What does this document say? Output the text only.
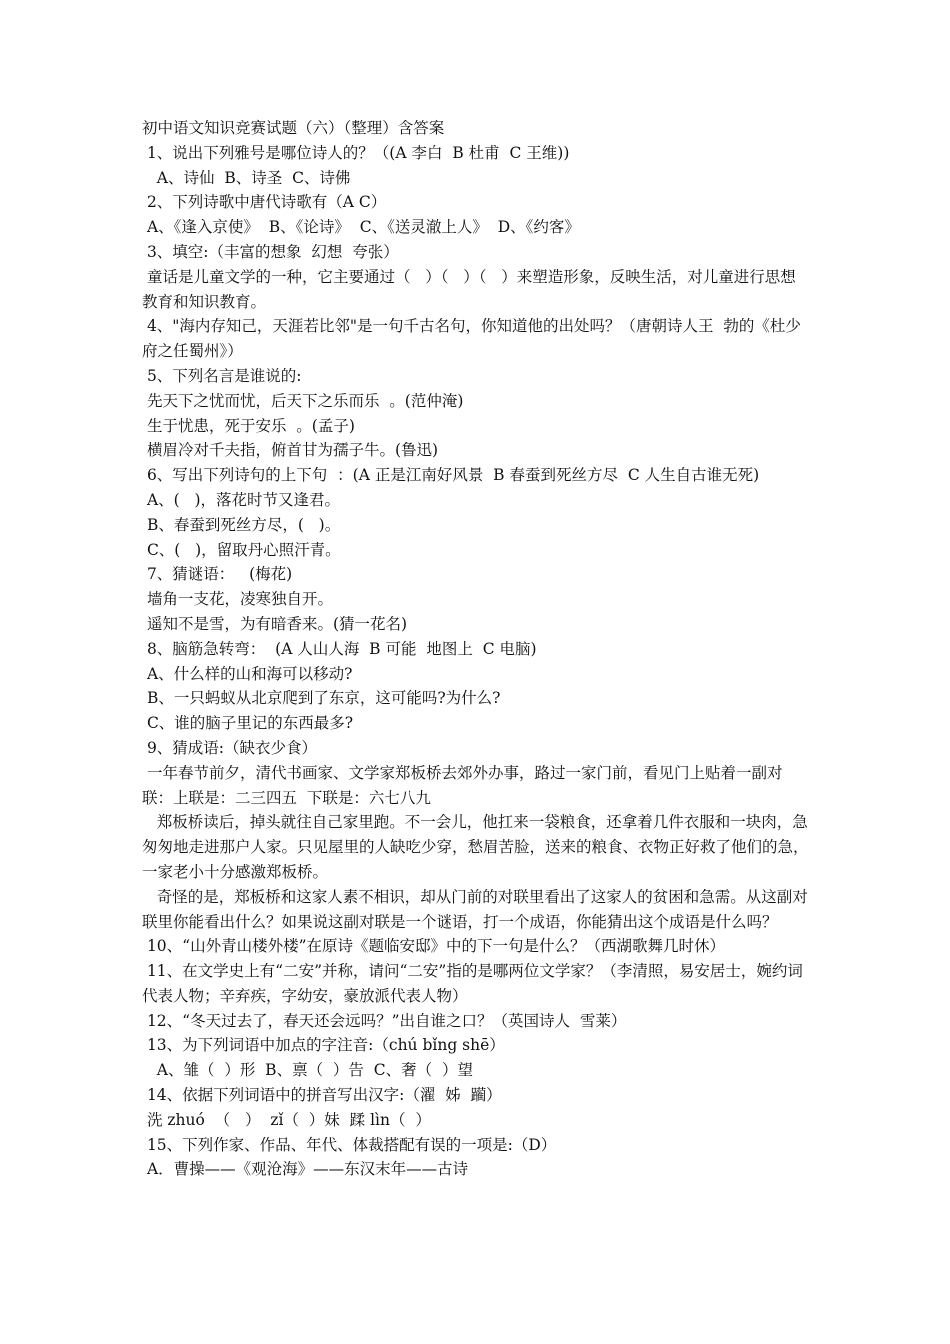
初中语文知识竞赛试题（六）（整理）含答案

1、说出下列雅号是哪位诗人的？（(A 李白  B 杜甫  C 王维))

A、诗仙  B、诗圣  C、诗佛

2、下列诗歌中唐代诗歌有（A C）

A、《逢入京使》  B、《论诗》  C、《送灵澈上人》  D、《约客》

3、填空:（丰富的想象  幻想  夸张）

童话是儿童文学的一种，它主要通过（   ）（   ）（   ）来塑造形象，反映生活，对儿童进行思想教育和知识教育。

4、"海内存知己，天涯若比邻"是一句千古名句，你知道他的出处吗？（唐朝诗人王  勃的《杜少府之任蜀州》）

5、下列名言是谁说的:

先天下之忧而忧，后天下之乐而乐  。(范仲淹)

生于忧患，死于安乐  。(孟子)

横眉冷对千夫指，俯首甘为孺子牛。(鲁迅)

6、写出下列诗句的上下句  ：(A 正是江南好风景  B 春蚕到死丝方尽  C 人生自古谁无死)

A、(   )，落花时节又逢君。

B、春蚕到死丝方尽，(   )。

C、(   )，留取丹心照汗青。

7、猜谜语：   (梅花)

墙角一支花，凌寒独自开。

遥知不是雪，为有暗香来。(猜一花名)

8、脑筋急转弯：  (A 人山人海  B 可能  地图上  C 电脑)

A、什么样的山和海可以移动?

B、一只蚂蚁从北京爬到了东京，这可能吗?为什么?

C、谁的脑子里记的东西最多?

9、猜成语:（缺衣少食）

一年春节前夕，清代书画家、文学家郑板桥去郊外办事，路过一家门前，看见门上贴着一副对联：上联是：二三四五  下联是：六七八九

郑板桥读后，掉头就往自己家里跑。不一会儿，他扛来一袋粮食，还拿着几件衣服和一块肉，急匆匆地走进那户人家。只见屋里的人缺吃少穿，愁眉苦脸，送来的粮食、衣物正好救了他们的急，一家老小十分感激郑板桥。

奇怪的是，郑板桥和这家人素不相识，却从门前的对联里看出了这家人的贫困和急需。从这副对联里你能看出什么？如果说这副对联是一个谜语，打一个成语，你能猜出这个成语是什么吗？

10、“山外青山楼外楼”在原诗《题临安邸》中的下一句是什么？（西湖歌舞几时休）

11、在文学史上有“二安”并称，请问“二安”指的是哪两位文学家？（李清照，易安居士，婉约词代表人物；辛弃疾，字幼安，豪放派代表人物）

12、“冬天过去了，春天还会远吗？”出自谁之口？（英国诗人  雪莱）

13、为下列词语中加点的字注音:（chú bǐng shē）

A、雏（  ）形  B、禀（  ）告  C、奢（  ）望

14、依据下列词语中的拼音写出汉字:（濯  姊  躏）

洗 zhuó  （   ）  zǐ（  ）妹  蹂 lìn（  ）

15、下列作家、作品、年代、体裁搭配有误的一项是:（D）

A．曹操——《观沧海》——东汉末年——古诗
